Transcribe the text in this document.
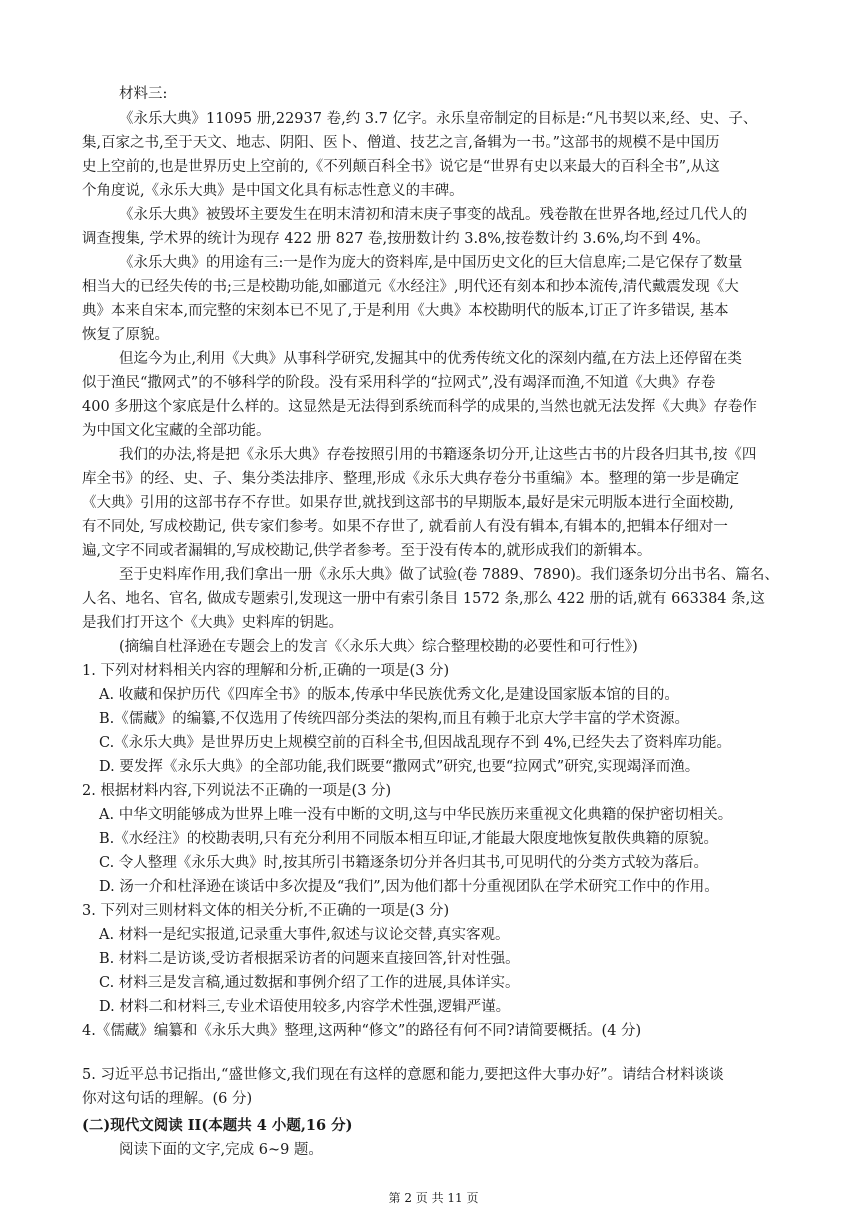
材料三:
《永乐大典》11095 册,22937 卷,约 3.7 亿字。永乐皇帝制定的目标是:“凡书契以来,经、史、子、
集,百家之书,至于天文、地志、阴阳、医卜、僧道、技艺之言,备辑为一书。”这部书的规模不是中国历
史上空前的,也是世界历史上空前的,《不列颠百科全书》说它是“世界有史以来最大的百科全书”,从这
个角度说,《永乐大典》是中国文化具有标志性意义的丰碑。
《永乐大典》被毁坏主要发生在明末清初和清末庚子事变的战乱。残卷散在世界各地,经过几代人的
调查搜集, 学术界的统计为现存 422 册 827 卷,按册数计约 3.8%,按卷数计约 3.6%,均不到 4%。
《永乐大典》的用途有三:一是作为庞大的资料库,是中国历史文化的巨大信息库;二是它保存了数量
相当大的已经失传的书;三是校勘功能,如郦道元《水经注》,明代还有刻本和抄本流传,清代戴震发现《大
典》本来自宋本,而完整的宋刻本已不见了,于是利用《大典》本校勘明代的版本,订正了许多错误, 基本
恢复了原貌。
但迄今为止,利用《大典》从事科学研究,发掘其中的优秀传统文化的深刻内蕴,在方法上还停留在类
似于渔民“撒网式”的不够科学的阶段。没有采用科学的“拉网式”,没有竭泽而渔,不知道《大典》存卷
400 多册这个家底是什么样的。这显然是无法得到系统而科学的成果的,当然也就无法发挥《大典》存卷作
为中国文化宝藏的全部功能。
我们的办法,将是把《永乐大典》存卷按照引用的书籍逐条切分开,让这些古书的片段各归其书,按《四
库全书》的经、史、子、集分类法排序、整理,形成《永乐大典存卷分书重编》本。整理的第一步是确定
《大典》引用的这部书存不存世。如果存世,就找到这部书的早期版本,最好是宋元明版本进行全面校勘,
有不同处, 写成校勘记, 供专家们参考。如果不存世了, 就看前人有没有辑本,有辑本的,把辑本仔细对一
遍,文字不同或者漏辑的,写成校勘记,供学者参考。至于没有传本的,就形成我们的新辑本。
至于史料库作用,我们拿出一册《永乐大典》做了试验(卷 7889、7890)。我们逐条切分出书名、篇名、
人名、地名、官名, 做成专题索引,发现这一册中有索引条目 1572 条,那么 422 册的话,就有 663384 条,这
是我们打开这个《大典》史料库的钥匙。
(摘编自杜泽逊在专题会上的发言《〈永乐大典〉综合整理校勘的必要性和可行性》)
1. 下列对材料相关内容的理解和分析,正确的一项是(3 分)
A. 收藏和保护历代《四库全书》的版本,传承中华民族优秀文化,是建设国家版本馆的目的。
B.《儒藏》的编纂,不仅选用了传统四部分类法的架构,而且有赖于北京大学丰富的学术资源。
C.《永乐大典》是世界历史上规模空前的百科全书,但因战乱现存不到 4%,已经失去了资料库功能。
D. 要发挥《永乐大典》的全部功能,我们既要“撒网式”研究,也要“拉网式”研究,实现竭泽而渔。
2. 根据材料内容,下列说法不正确的一项是(3 分)
A. 中华文明能够成为世界上唯一没有中断的文明,这与中华民族历来重视文化典籍的保护密切相关。
B.《水经注》的校勘表明,只有充分利用不同版本相互印证,才能最大限度地恢复散佚典籍的原貌。
C. 令人整理《永乐大典》时,按其所引书籍逐条切分并各归其书,可见明代的分类方式较为落后。
D. 汤一介和杜泽逊在谈话中多次提及“我们”,因为他们都十分重视团队在学术研究工作中的作用。
3. 下列对三则材料文体的相关分析,不正确的一项是(3 分)
A. 材料一是纪实报道,记录重大事件,叙述与议论交替,真实客观。
B. 材料二是访谈,受访者根据采访者的问题来直接回答,针对性强。
C. 材料三是发言稿,通过数据和事例介绍了工作的进展,具体详实。
D. 材料二和材料三,专业术语使用较多,内容学术性强,逻辑严谨。
4.《儒藏》编纂和《永乐大典》整理,这两种“修文”的路径有何不同?请简要概括。(4 分)
5. 习近平总书记指出,“盛世修文,我们现在有这样的意愿和能力,要把这件大事办好”。请结合材料谈谈
你对这句话的理解。(6 分)
(二)现代文阅读 II(本题共 4 小题,16 分)
第 2 页 共 11 页
阅读下面的文字,完成 6~9 题。
